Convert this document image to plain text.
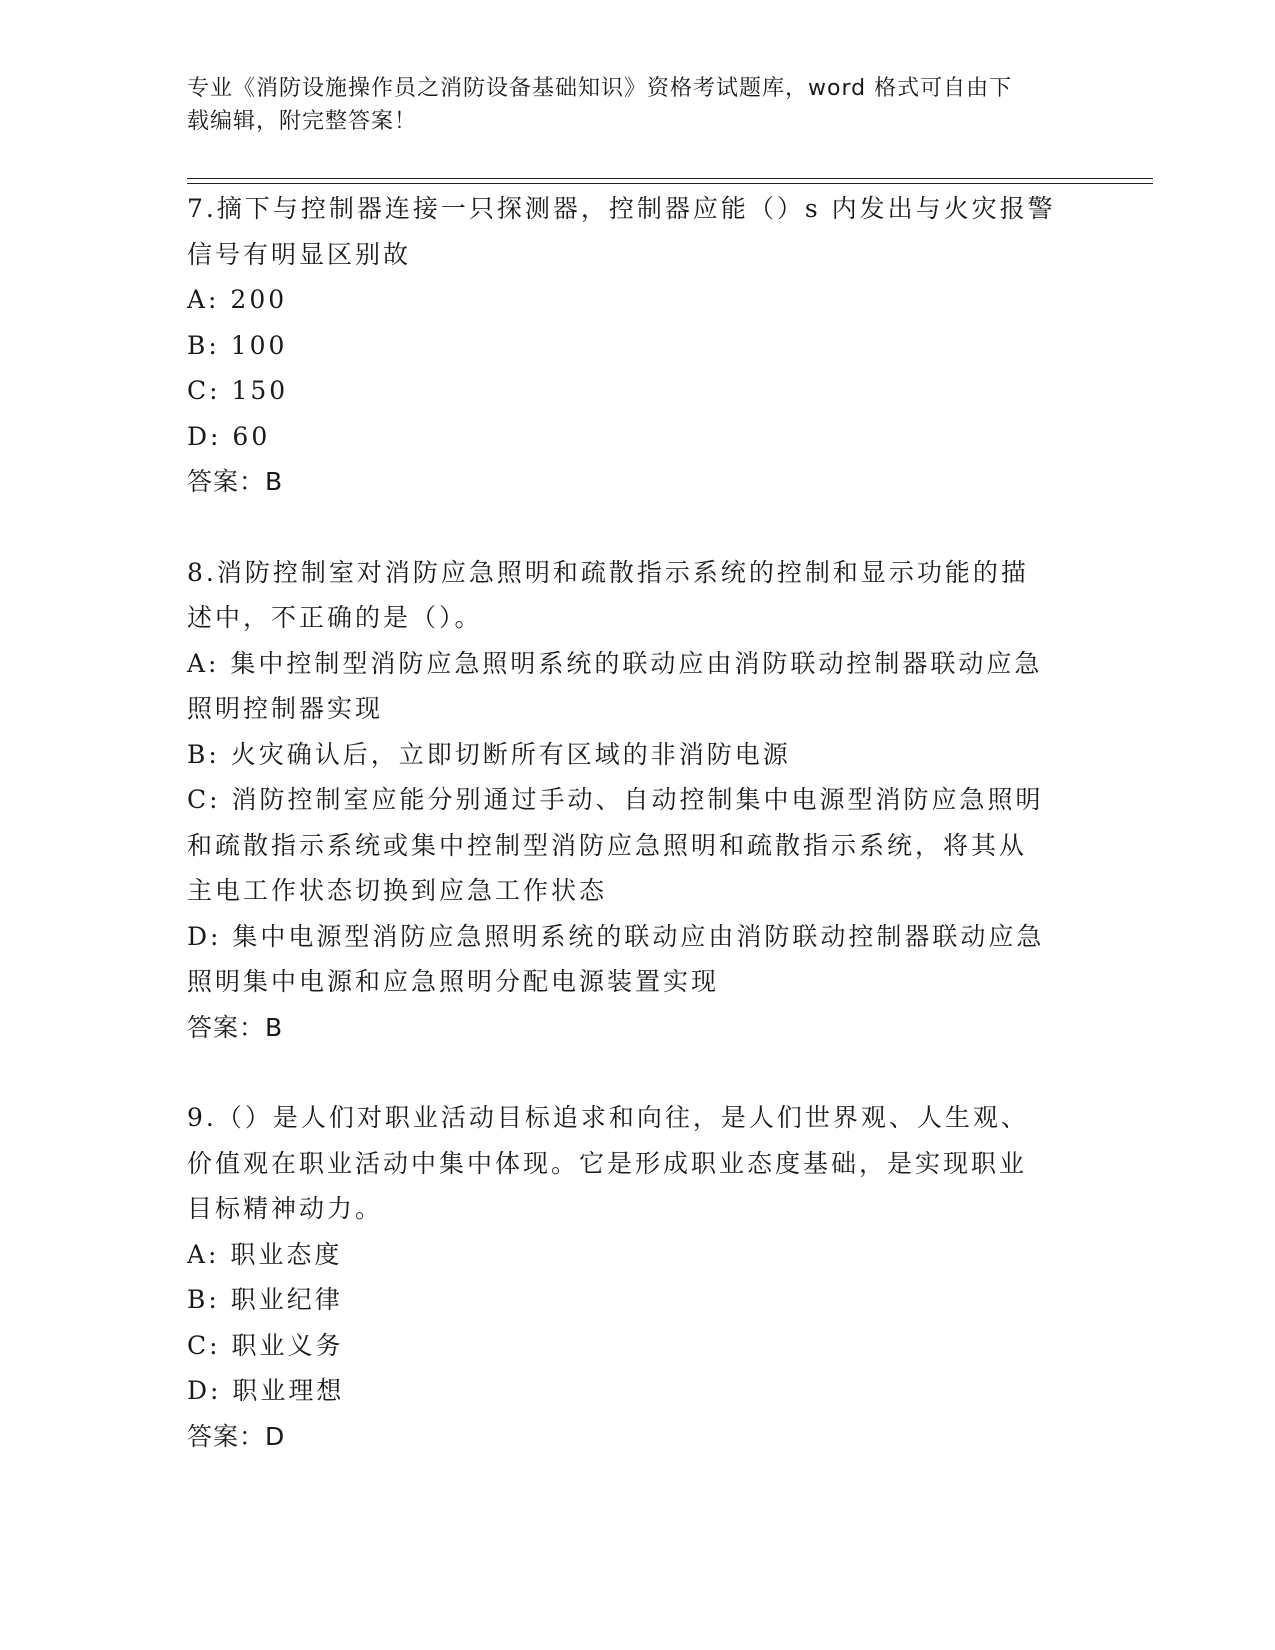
专业《消防设施操作员之消防设备基础知识》资格考试题库，word 格式可自由下
载编辑，附完整答案！
7.摘下与控制器连接一只探测器，控制器应能（）s 内发出与火灾报警
信号有明显区别故
A: 200
B: 100
C: 150
D: 60
答案：B
8.消防控制室对消防应急照明和疏散指示系统的控制和显示功能的描
述中，不正确的是（）。
A: 集中控制型消防应急照明系统的联动应由消防联动控制器联动应急
照明控制器实现
B: 火灾确认后，立即切断所有区域的非消防电源
C: 消防控制室应能分别通过手动、自动控制集中电源型消防应急照明
和疏散指示系统或集中控制型消防应急照明和疏散指示系统，将其从
主电工作状态切换到应急工作状态
D: 集中电源型消防应急照明系统的联动应由消防联动控制器联动应急
照明集中电源和应急照明分配电源装置实现
答案：B
9.（）是人们对职业活动目标追求和向往，是人们世界观、人生观、
价值观在职业活动中集中体现。它是形成职业态度基础，是实现职业
目标精神动力。
A: 职业态度
B: 职业纪律
C: 职业义务
D: 职业理想
答案：D
